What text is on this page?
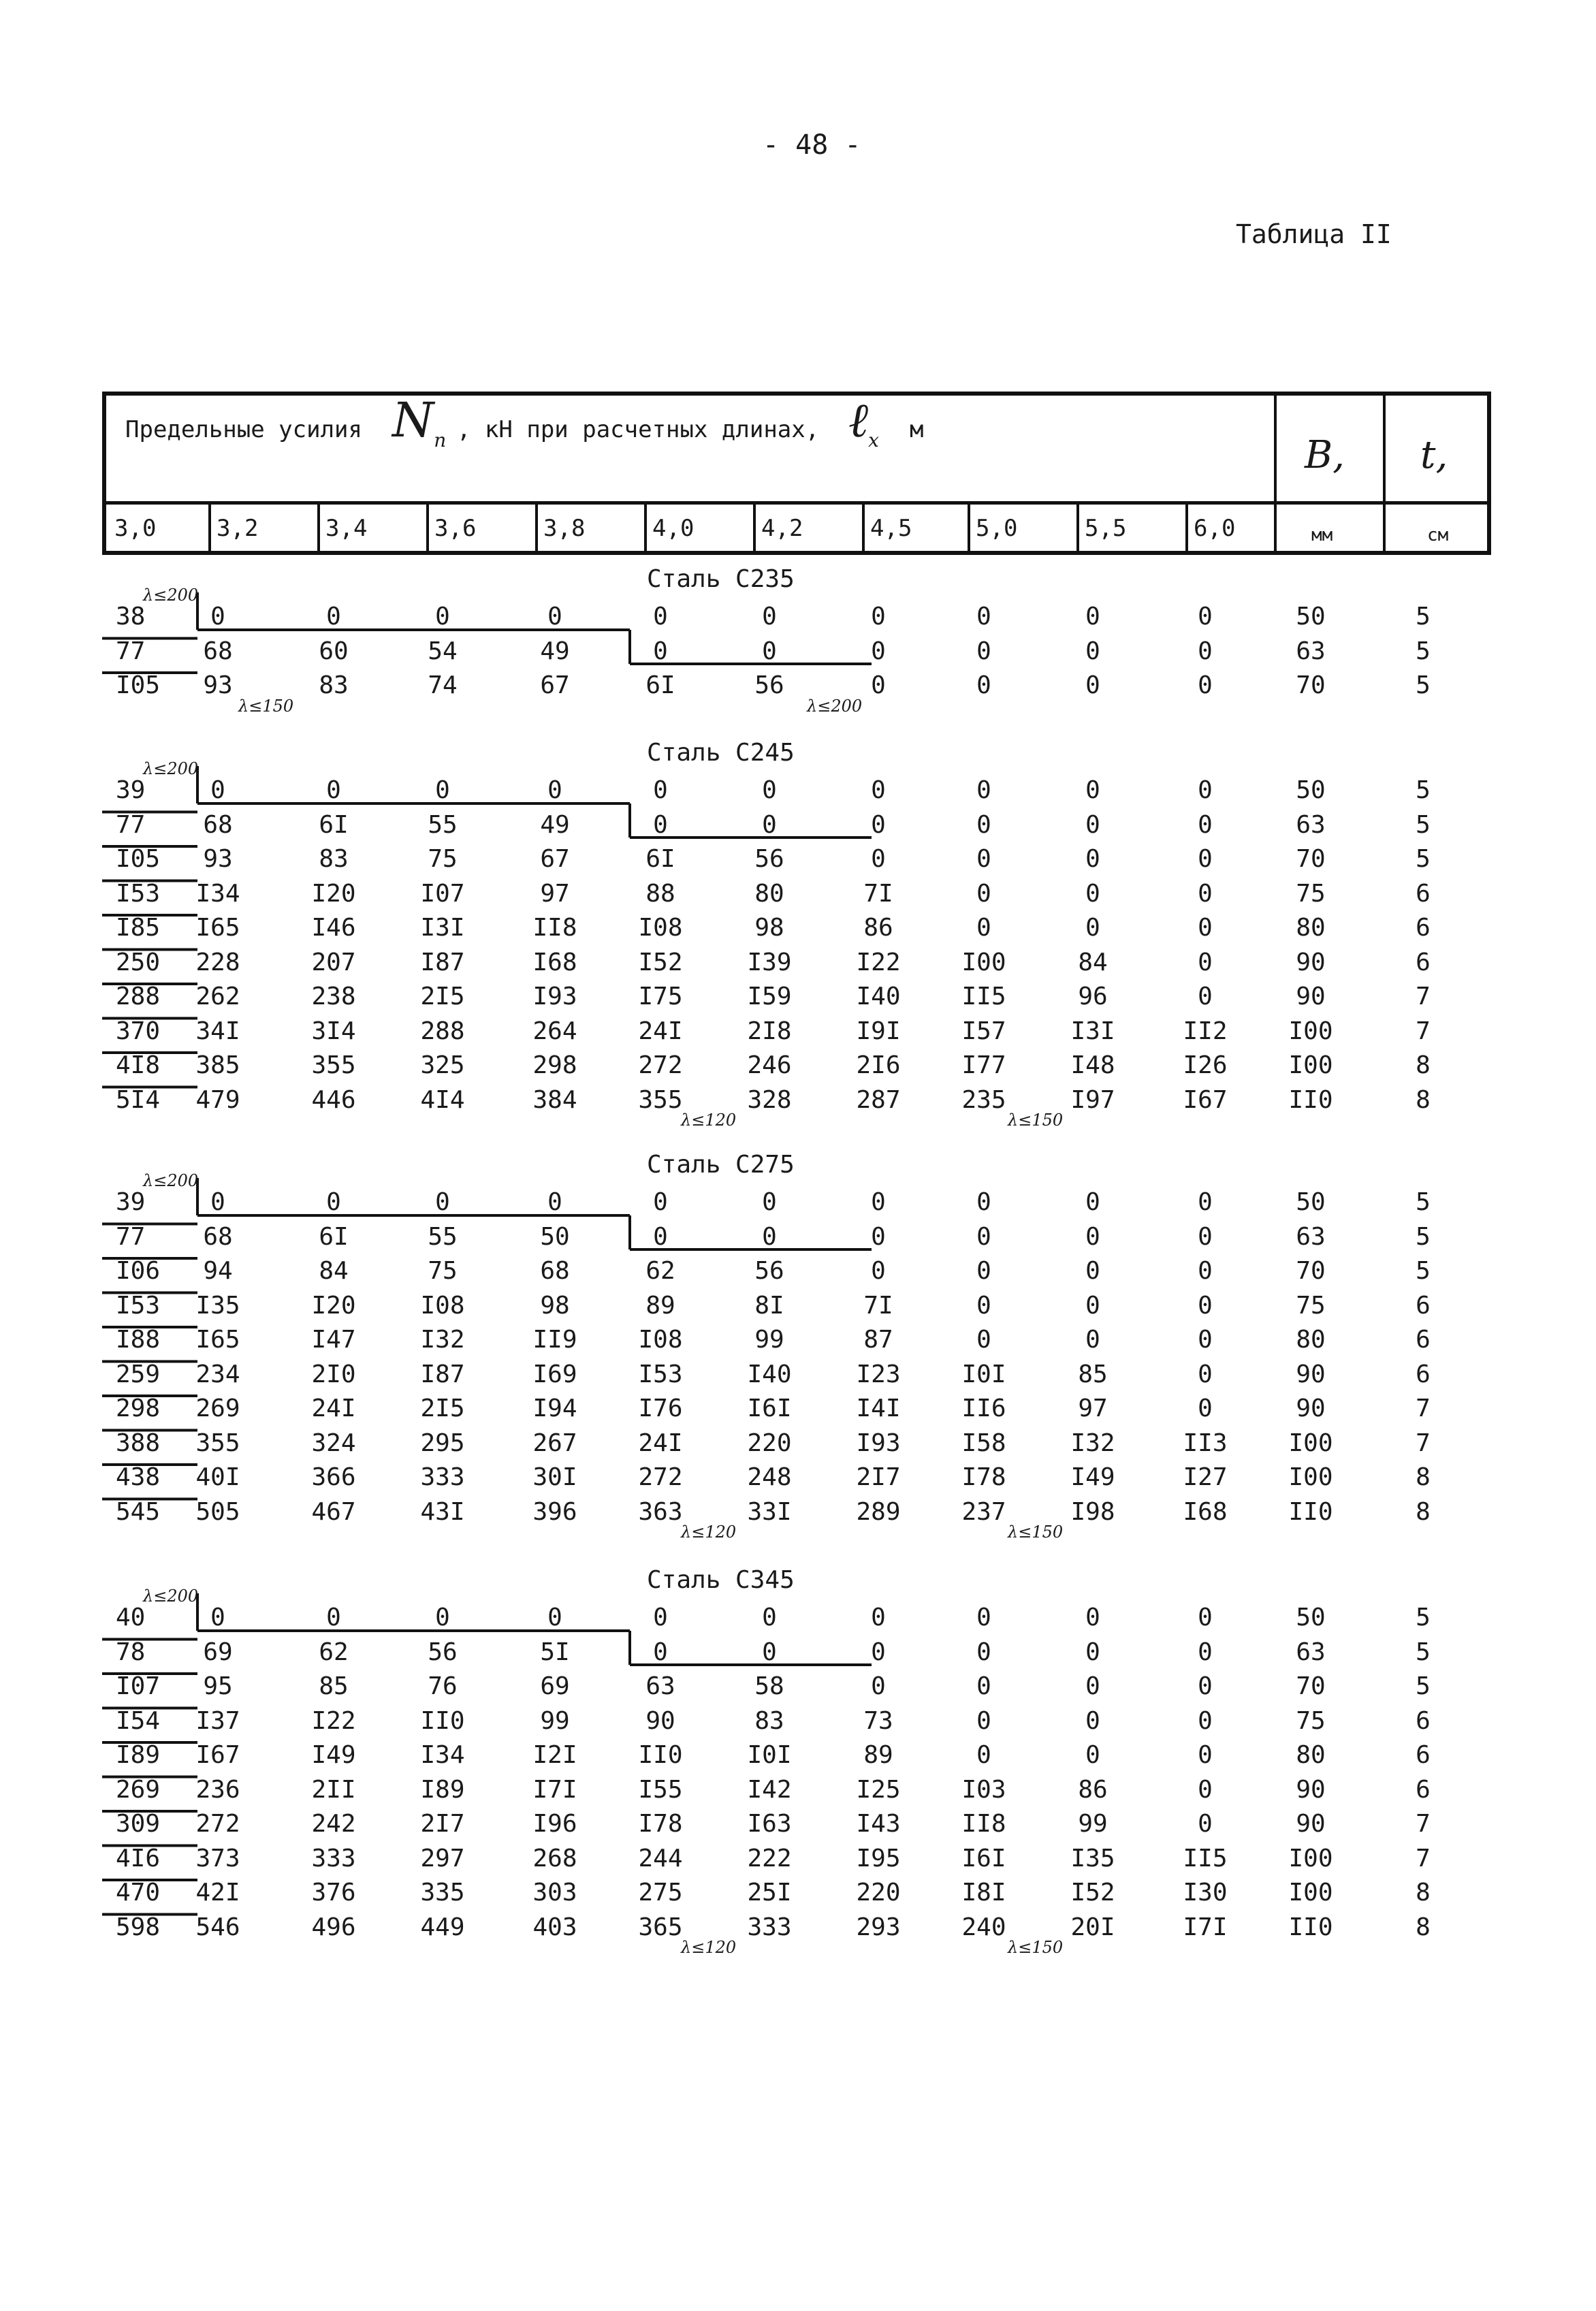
- 48 -
Таблица II
Предельные усилия $N_п$ , кН при расчетных длинах, ℓ$_x$ м
В,
мм
t,
см
3,0	3,2	3,4	3,6	3,8	4,0	4,2	4,5	5,0	5,5	6,0
Сталь С235
λ≤200
38	0	0	0	0	0	0	0	0	0	0	50	5
77	68	60	54	49	0	0	0	0	0	0	63	5
I05	93	83	74	67	6I	56	0	0	0	0	70	5
λ≤150	λ≤200
Сталь С245
λ≤200
39	0	0	0	0	0	0	0	0	0	0	50	5
77	68	6I	55	49	0	0	0	0	0	0	63	5
I05	93	83	75	67	6I	56	0	0	0	0	70	5
I53	I34	I20	I07	97	88	80	7I	0	0	0	75	6
I85	I65	I46	I3I	II8	I08	98	86	0	0	0	80	6
250	228	207	I87	I68	I52	I39	I22	I00	84	0	90	6
288	262	238	2I5	I93	I75	I59	I40	II5	96	0	90	7
370	34I	3I4	288	264	24I	2I8	I9I	I57	I3I	II2	I00	7
4I8	385	355	325	298	272	246	2I6	I77	I48	I26	I00	8
5I4	479	446	4I4	384	355	328	287	235	I97	I67	II0	8
λ≤120	λ≤150
Сталь С275
λ≤200
39	0	0	0	0	0	0	0	0	0	0	50	5
77	68	6I	55	50	0	0	0	0	0	0	63	5
I06	94	84	75	68	62	56	0	0	0	0	70	5
I53	I35	I20	I08	98	89	8I	7I	0	0	0	75	6
I88	I65	I47	I32	II9	I08	99	87	0	0	0	80	6
259	234	2I0	I87	I69	I53	I40	I23	I0I	85	0	90	6
298	269	24I	2I5	I94	I76	I6I	I4I	II6	97	0	90	7
388	355	324	295	267	24I	220	I93	I58	I32	II3	I00	7
438	40I	366	333	30I	272	248	2I7	I78	I49	I27	I00	8
545	505	467	43I	396	363	33I	289	237	I98	I68	II0	8
λ≤120	λ≤150
Сталь С345
λ≤200
40	0	0	0	0	0	0	0	0	0	0	50	5
78	69	62	56	5I	0	0	0	0	0	0	63	5
I07	95	85	76	69	63	58	0	0	0	0	70	5
I54	I37	I22	II0	99	90	83	73	0	0	0	75	6
I89	I67	I49	I34	I2I	II0	I0I	89	0	0	0	80	6
269	236	2II	I89	I7I	I55	I42	I25	I03	86	0	90	6
309	272	242	2I7	I96	I78	I63	I43	II8	99	0	90	7
4I6	373	333	297	268	244	222	I95	I6I	I35	II5	I00	7
470	42I	376	335	303	275	25I	220	I8I	I52	I30	I00	8
598	546	496	449	403	365	333	293	240	20I	I7I	II0	8
λ≤120	λ≤150
